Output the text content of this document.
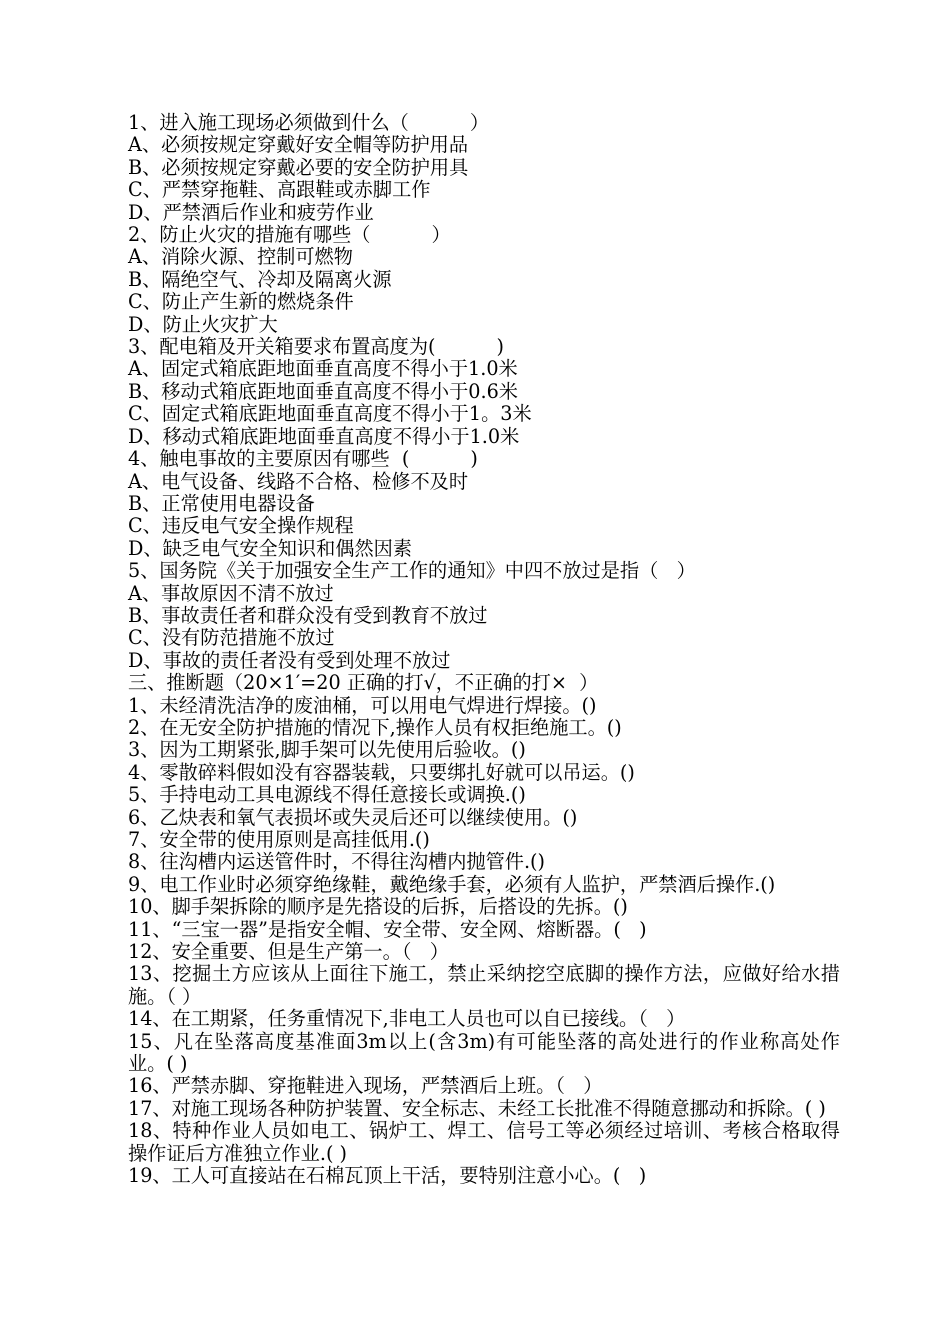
1、进入施工现场必须做到什么（          ）
A、必须按规定穿戴好安全帽等防护用品
B、必须按规定穿戴必要的安全防护用具
C、严禁穿拖鞋、高跟鞋或赤脚工作
D、严禁酒后作业和疲劳作业
2、防止火灾的措施有哪些（          ）
A、消除火源、控制可燃物
B、隔绝空气、冷却及隔离火源
C、防止产生新的燃烧条件
D、防止火灾扩大
3、配电箱及开关箱要求布置高度为(          )
A、固定式箱底距地面垂直高度不得小于1.0米
B、移动式箱底距地面垂直高度不得小于0.6米
C、固定式箱底距地面垂直高度不得小于1。3米
D、移动式箱底距地面垂直高度不得小于1.0米
4、触电事故的主要原因有哪些  (          )
A、电气设备、线路不合格、检修不及时
B、正常使用电器设备
C、违反电气安全操作规程
D、缺乏电气安全知识和偶然因素
5、国务院《关于加强安全生产工作的通知》中四不放过是指（   ）
A、事故原因不清不放过
B、事故责任者和群众没有受到教育不放过
C、没有防范措施不放过
D、事故的责任者没有受到处理不放过
三、推断题（20×1′=20 正确的打√，不正确的打×  ）
1、未经清洗洁净的废油桶，可以用电气焊进行焊接。()
2、在无安全防护措施的情况下,操作人员有权拒绝施工。()
3、因为工期紧张,脚手架可以先使用后验收。()
4、零散碎料假如没有容器装载，只要绑扎好就可以吊运。()
5、手持电动工具电源线不得任意接长或调换.()
6、乙炔表和氧气表损坏或失灵后还可以继续使用。()
7、安全带的使用原则是高挂低用.()
8、往沟槽内运送管件时，不得往沟槽内抛管件.()
9、电工作业时必须穿绝缘鞋，戴绝缘手套，必须有人监护，严禁酒后操作.()
10、脚手架拆除的顺序是先搭设的后拆，后搭设的先拆。()
11、“三宝一器”是指安全帽、安全带、安全网、熔断器。(   )
12、安全重要、但是生产第一。（   ）
13、挖掘土方应该从上面往下施工，禁止采纳挖空底脚的操作方法，应做好给水措施。（ ）
14、在工期紧，任务重情况下,非电工人员也可以自已接线。（   ）
15、凡在坠落高度基准面3m以上(含3m)有可能坠落的高处进行的作业称高处作业。( )
16、严禁赤脚、穿拖鞋进入现场，严禁酒后上班。（   ）
17、对施工现场各种防护装置、安全标志、未经工长批准不得随意挪动和拆除。( )
18、特种作业人员如电工、锅炉工、焊工、信号工等必须经过培训、考核合格取得操作证后方准独立作业.( )
19、工人可直接站在石棉瓦顶上干活，要特别注意小心。(   )
